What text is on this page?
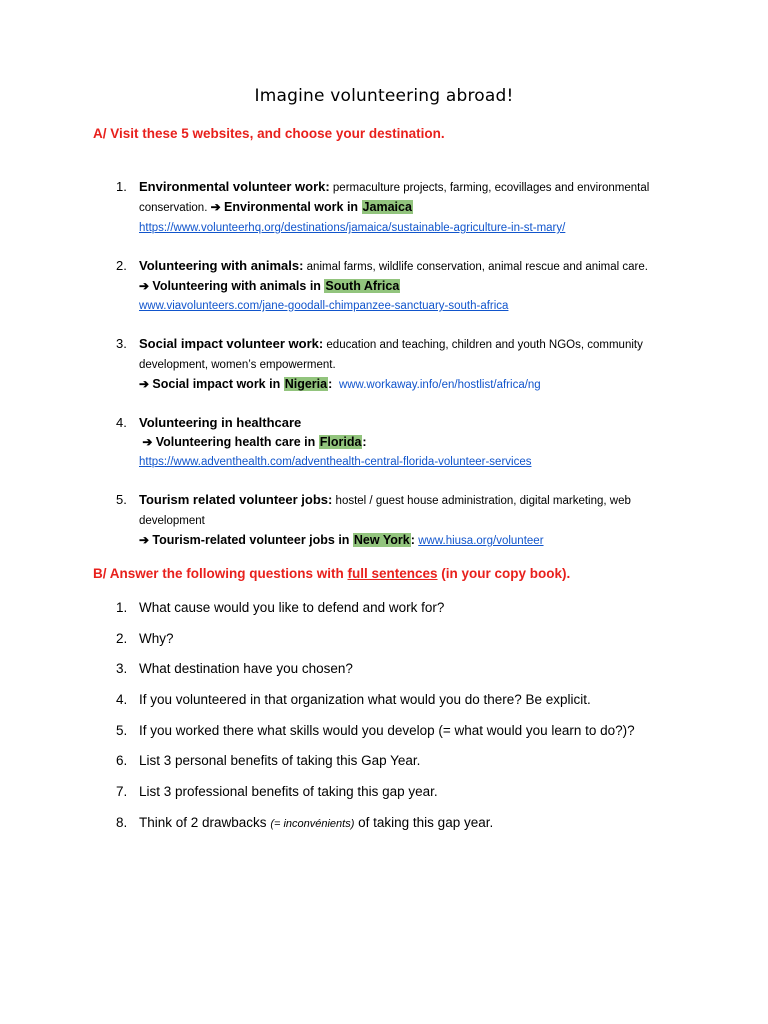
Imagine volunteering abroad!
A/ Visit these 5 websites, and choose your destination.
1. Environmental volunteer work: permaculture projects, farming, ecovillages and environmental conservation. ➔ Environmental work in Jamaica
https://www.volunteerhq.org/destinations/jamaica/sustainable-agriculture-in-st-mary/
2. Volunteering with animals: animal farms, wildlife conservation, animal rescue and animal care.
➔ Volunteering with animals in South Africa
www.viavolunteers.com/jane-goodall-chimpanzee-sanctuary-south-africa
3. Social impact volunteer work: education and teaching, children and youth NGOs, community development, women’s empowerment.
➔ Social impact work in Nigeria: www.workaway.info/en/hostlist/africa/ng
4. Volunteering in healthcare
➔ Volunteering health care in Florida:
https://www.adventhealth.com/adventhealth-central-florida-volunteer-services
5. Tourism related volunteer jobs: hostel / guest house administration, digital marketing, web development
➔ Tourism-related volunteer jobs in New York: www.hiusa.org/volunteer
B/ Answer the following questions with full sentences (in your copy book).
1. What cause would you like to defend and work for?
2. Why?
3. What destination have you chosen?
4. If you volunteered in that organization what would you do there? Be explicit.
5. If you worked there what skills would you develop (= what would you learn to do?)?
6. List 3 personal benefits of taking this Gap Year.
7. List 3 professional benefits of taking this gap year.
8. Think of 2 drawbacks (= inconvénients) of taking this gap year.
